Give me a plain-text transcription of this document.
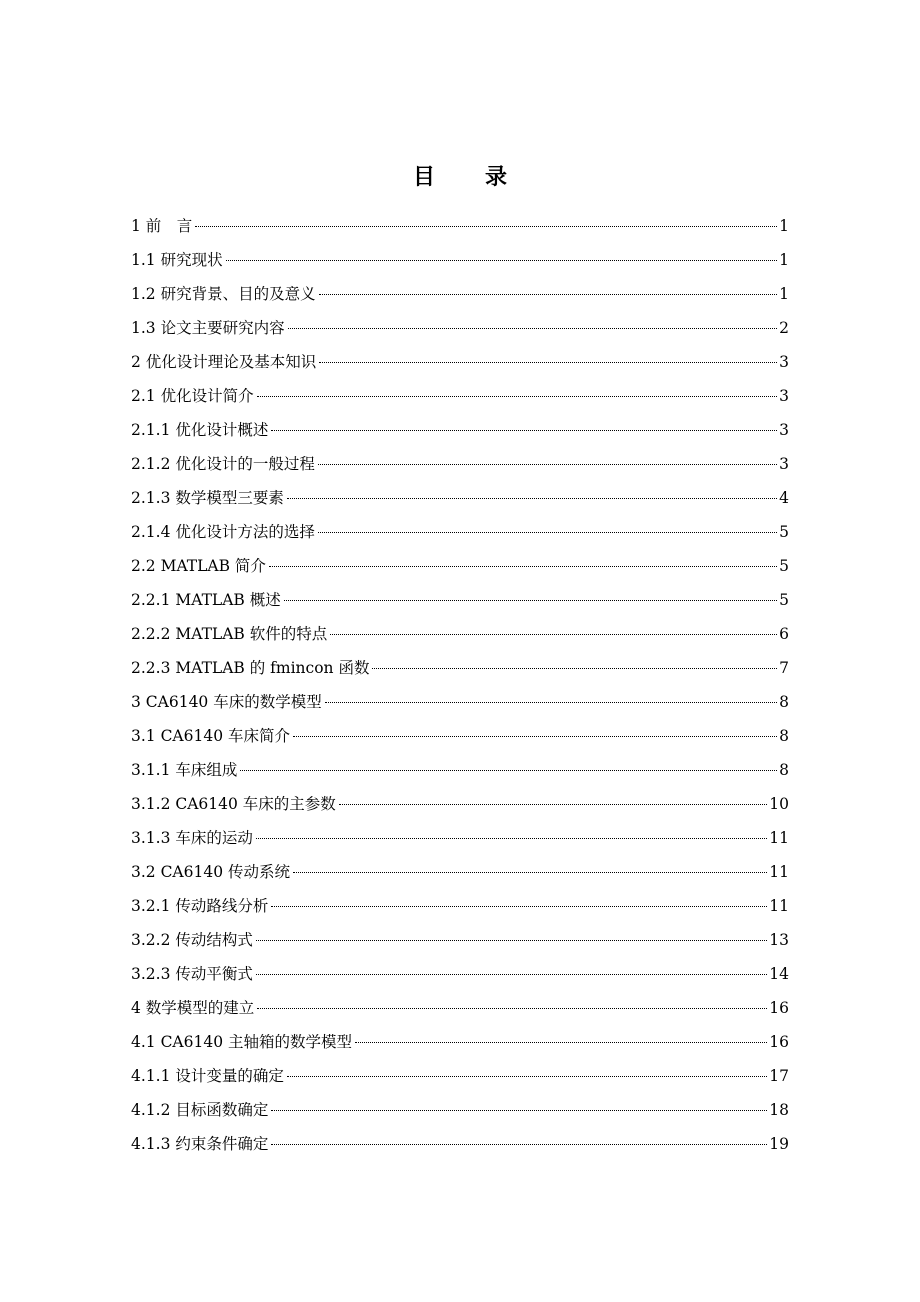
目　录
1 前　言	1
1.1 研究现状	1
1.2 研究背景、目的及意义	1
1.3 论文主要研究内容	2
2 优化设计理论及基本知识	3
2.1 优化设计简介	3
2.1.1 优化设计概述	3
2.1.2 优化设计的一般过程	3
2.1.3 数学模型三要素	4
2.1.4 优化设计方法的选择	5
2.2 MATLAB 简介	5
2.2.1 MATLAB 概述	5
2.2.2 MATLAB 软件的特点	6
2.2.3 MATLAB 的 fmincon 函数	7
3 CA6140 车床的数学模型	8
3.1 CA6140 车床简介	8
3.1.1 车床组成	8
3.1.2 CA6140 车床的主参数	10
3.1.3 车床的运动	11
3.2 CA6140 传动系统	11
3.2.1 传动路线分析	11
3.2.2 传动结构式	13
3.2.3 传动平衡式	14
4 数学模型的建立	16
4.1 CA6140 主轴箱的数学模型	16
4.1.1 设计变量的确定	17
4.1.2 目标函数确定	18
4.1.3 约束条件确定	19
